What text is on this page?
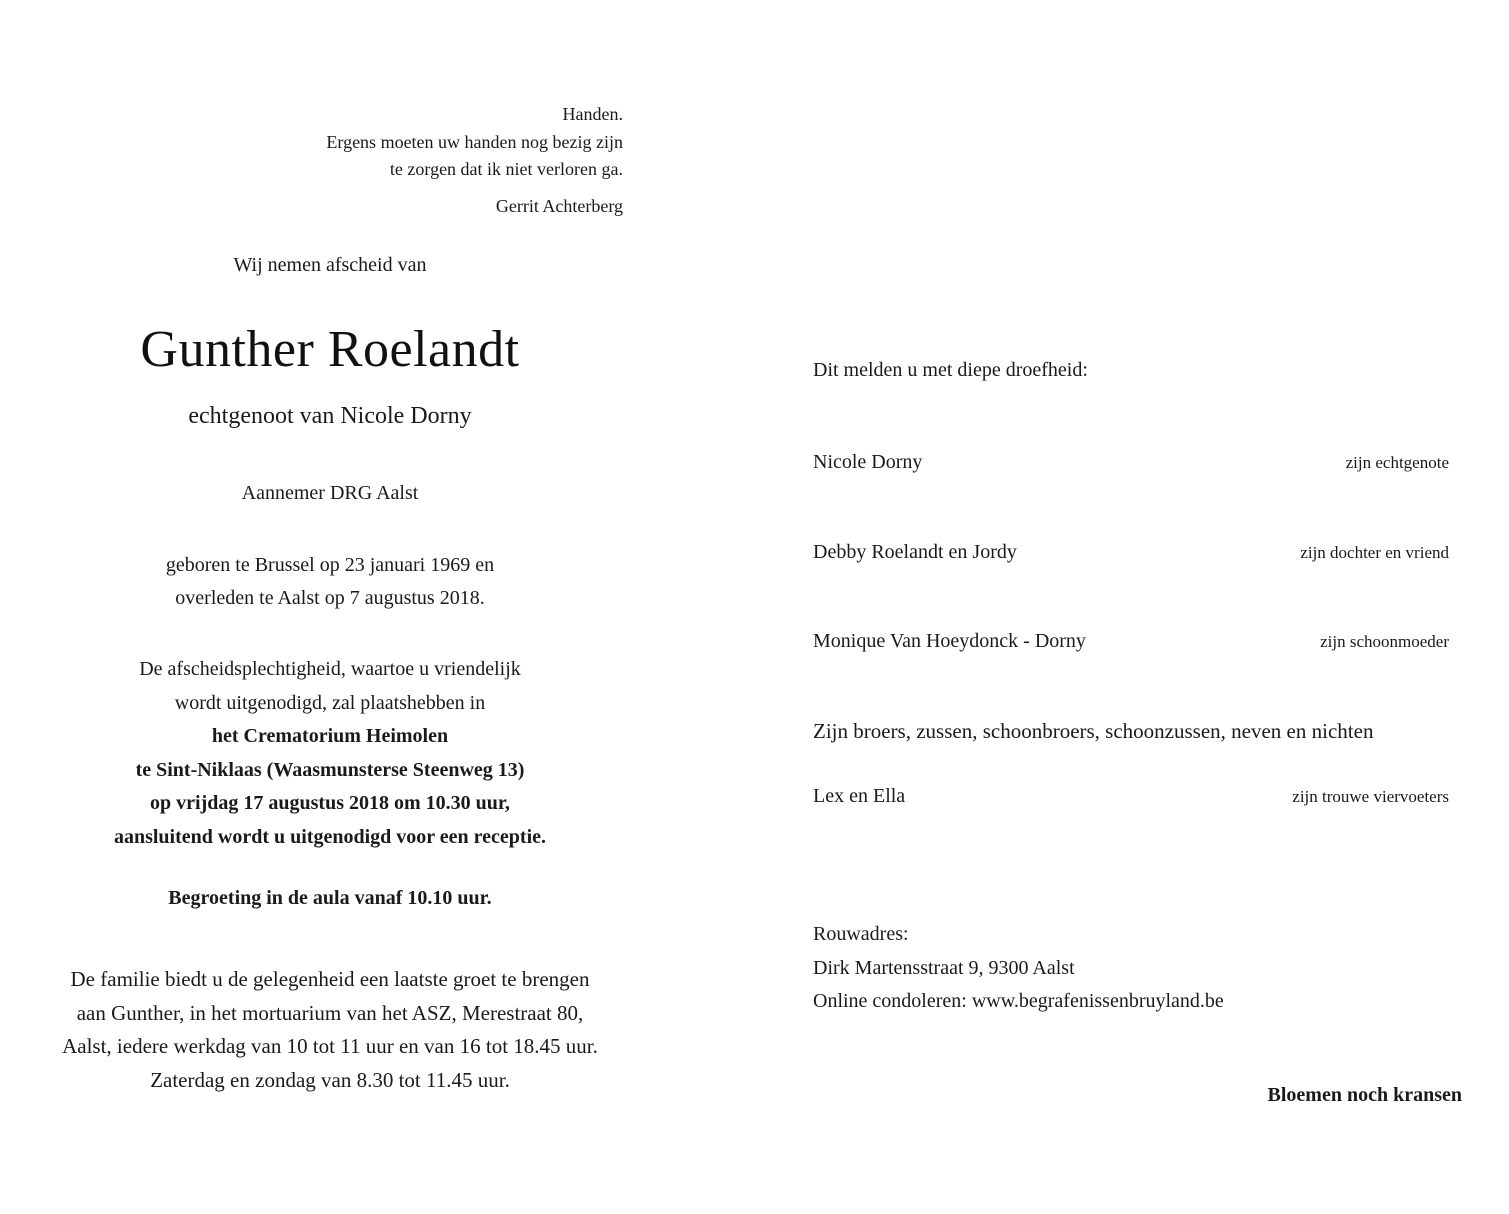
Handen.
Ergens moeten uw handen nog bezig zijn
te zorgen dat ik niet verloren ga.
Gerrit Achterberg
Wij nemen afscheid van
Gunther Roelandt
echtgenoot van Nicole Dorny
Aannemer DRG Aalst
geboren te Brussel op 23 januari 1969 en
overleden te Aalst op 7 augustus 2018.
De afscheidsplechtigheid, waartoe u vriendelijk
wordt uitgenodigd, zal plaatshebben in
het Crematorium Heimolen
te Sint-Niklaas (Waasmunsterse Steenweg 13)
op vrijdag 17 augustus 2018 om 10.30 uur,
aansluitend wordt u uitgenodigd voor een receptie.
Begroeting in de aula vanaf 10.10 uur.
De familie biedt u de gelegenheid een laatste groet te brengen
aan Gunther, in het mortuarium van het ASZ, Merestraat 80,
Aalst, iedere werkdag van 10 tot 11 uur en van 16 tot 18.45 uur.
Zaterdag en zondag van 8.30 tot 11.45 uur.
Dit melden u met diepe droefheid:
Nicole Dorny	zijn echtgenote
Debby Roelandt en Jordy	zijn dochter en vriend
Monique Van Hoeydonck - Dorny	zijn schoonmoeder
Zijn broers, zussen, schoonbroers, schoonzussen, neven en nichten
Lex en Ella	zijn trouwe viervoeters
Rouwadres:
Dirk Martensstraat 9, 9300 Aalst
Online condoleren: www.begrafenissenbruyland.be
Bloemen noch kransen
